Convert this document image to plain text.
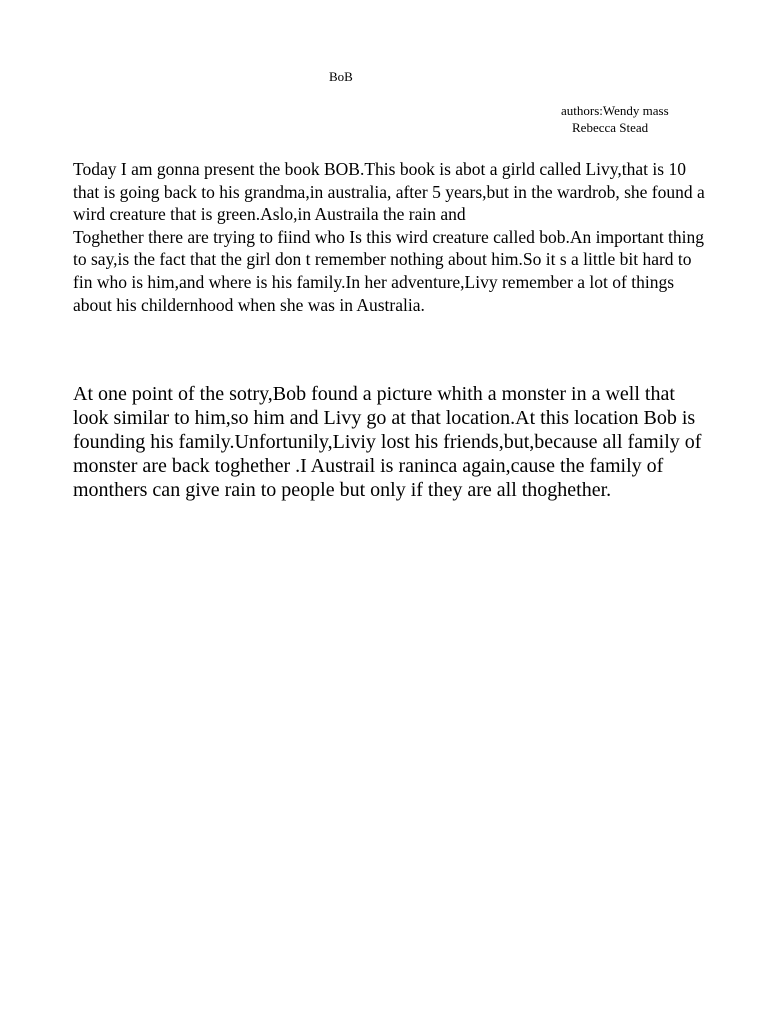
BoB
authors:Wendy mass
Rebecca Stead

Today I am gonna present the book BOB.This book is abot a girld called Livy,that is 10 that is going back to his grandma,in australia, after 5 years,but in the wardrob, she found a wird creature that is green.Aslo,in Austraila the rain and
Toghether there are trying to fiind who Is this wird creature called bob.An important thing to say,is the fact that the girl don t remember nothing about him.So it s a little bit hard to fin who is him,and where is his family.In her adventure,Livy remember a lot of things about his childernhood when she was in Australia.

At one point of the sotry,Bob found a picture whith a monster in a well that look similar to him,so him and Livy go at that location.At this location Bob is founding his family.Unfortunily,Liviy lost his friends,but,because all family of monster are back toghether .I Austrail is raninca again,cause the family of monthers can give rain to people but only if they are all thoghether.
